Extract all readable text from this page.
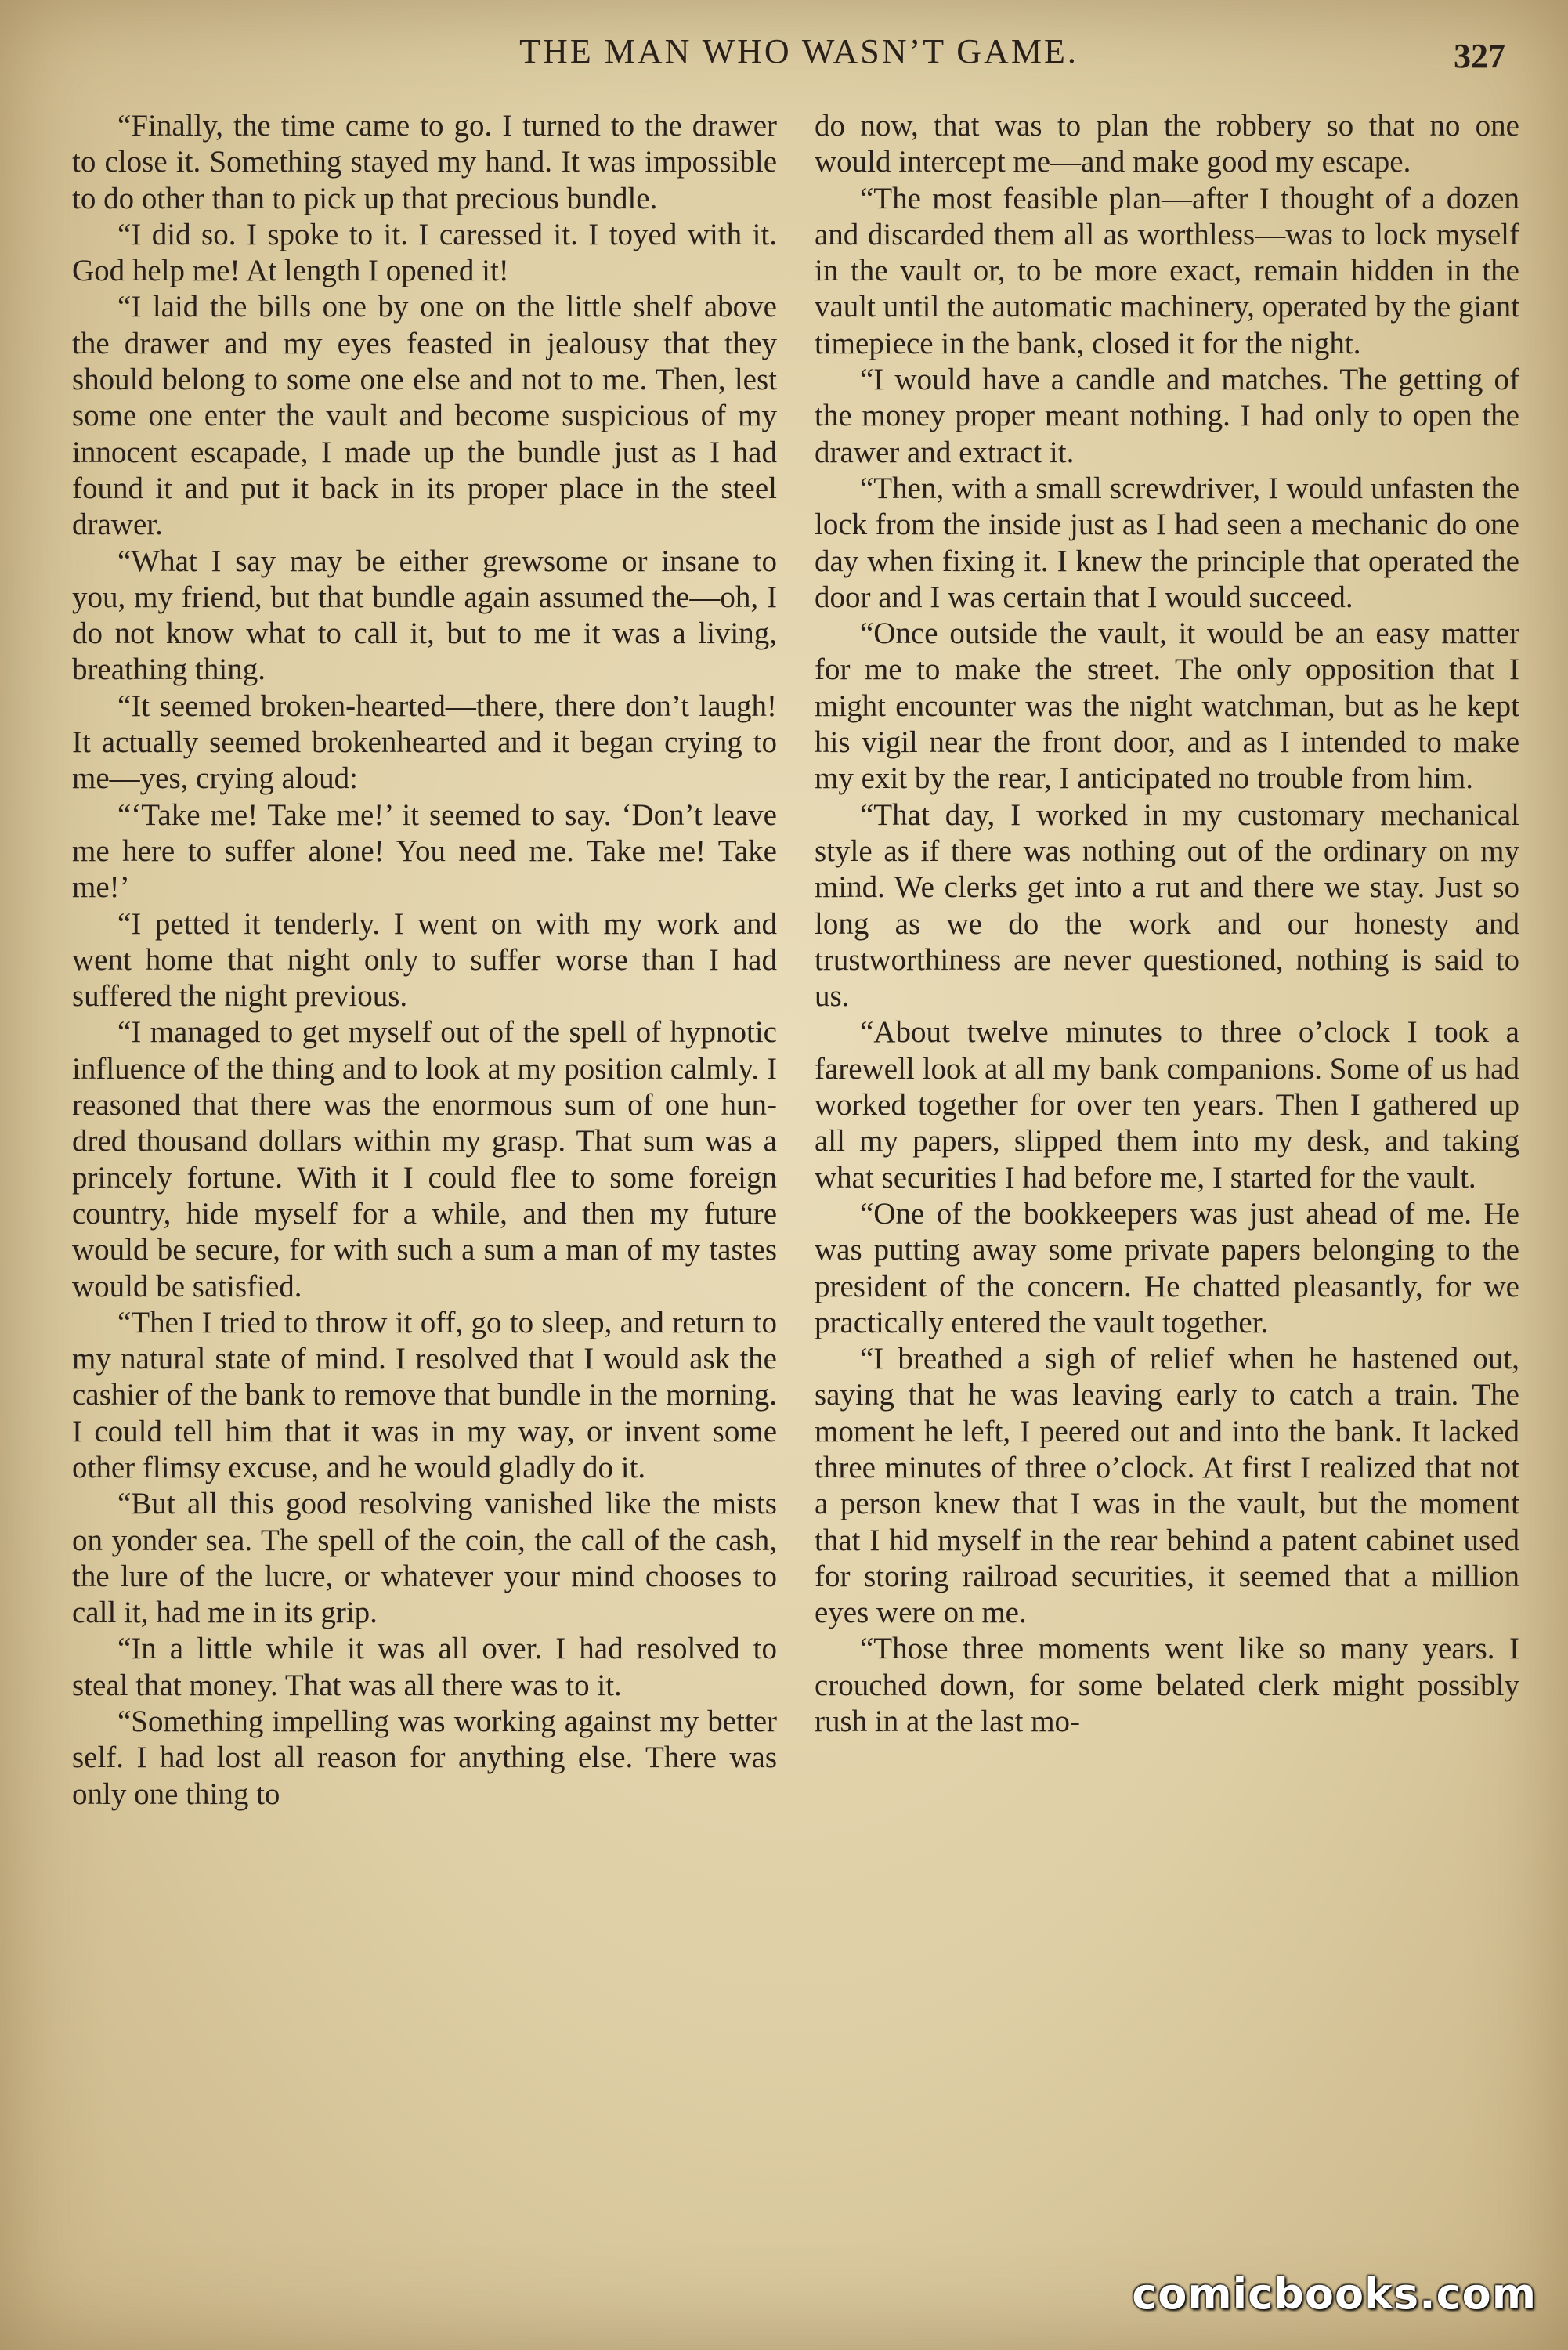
THE MAN WHO WASN’T GAME.	327

“Finally, the time came to go. I turned to the drawer to close it. Something stayed my hand. It was impossible to do other than to pick up that precious bundle.

“I did so. I spoke to it. I caressed it. I toyed with it. God help me! At length I opened it!

“I laid the bills one by one on the little shelf above the drawer and my eyes feasted in jealousy that they should belong to some one else and not to me. Then, lest some one enter the vault and become suspicious of my innocent escapade, I made up the bundle just as I had found it and put it back in its proper place in the steel drawer.

“What I say may be either grewsome or insane to you, my friend, but that bundle again assumed the—oh, I do not know what to call it, but to me it was a living, breathing thing.

“It seemed broken-hearted—there, there don’t laugh! It actually seemed brokenhearted and it began crying to me—yes, crying aloud:

“‘Take me! Take me!’ it seemed to say. ‘Don’t leave me here to suffer alone! You need me. Take me! Take me!’

“I petted it tenderly. I went on with my work and went home that night only to suffer worse than I had suffered the night previous.

“I managed to get myself out of the spell of hypnotic influence of the thing and to look at my position calmly. I reasoned that there was the enormous sum of one hundred thousand dollars within my grasp. That sum was a princely fortune. With it I could flee to some foreign country, hide myself for a while, and then my future would be secure, for with such a sum a man of my tastes would be satisfied.

“Then I tried to throw it off, go to sleep, and return to my natural state of mind. I resolved that I would ask the cashier of the bank to remove that bundle in the morning. I could tell him that it was in my way, or invent some other flimsy excuse, and he would gladly do it.

“But all this good resolving vanished like the mists on yonder sea. The spell of the coin, the call of the cash, the lure of the lucre, or whatever your mind chooses to call it, had me in its grip.

“In a little while it was all over. I had resolved to steal that money. That was all there was to it.

“Something impelling was working against my better self. I had lost all reason for anything else. There was only one thing to

do now, that was to plan the robbery so that no one would intercept me—and make good my escape.

“The most feasible plan—after I thought of a dozen and discarded them all as worthless—was to lock myself in the vault or, to be more exact, remain hidden in the vault until the automatic machinery, operated by the giant timepiece in the bank, closed it for the night.

“I would have a candle and matches. The getting of the money proper meant nothing. I had only to open the drawer and extract it.

“Then, with a small screwdriver, I would unfasten the lock from the inside just as I had seen a mechanic do one day when fixing it. I knew the principle that operated the door and I was certain that I would succeed.

“Once outside the vault, it would be an easy matter for me to make the street. The only opposition that I might encounter was the night watchman, but as he kept his vigil near the front door, and as I intended to make my exit by the rear, I anticipated no trouble from him.

“That day, I worked in my customary mechanical style as if there was nothing out of the ordinary on my mind. We clerks get into a rut and there we stay. Just so long as we do the work and our honesty and trustworthiness are never questioned, nothing is said to us.

“About twelve minutes to three o’clock I took a farewell look at all my bank companions. Some of us had worked together for over ten years. Then I gathered up all my papers, slipped them into my desk, and taking what securities I had before me, I started for the vault.

“One of the bookkeepers was just ahead of me. He was putting away some private papers belonging to the president of the concern. He chatted pleasantly, for we practically entered the vault together.

“I breathed a sigh of relief when he hastened out, saying that he was leaving early to catch a train. The moment he left, I peered out and into the bank. It lacked three minutes of three o’clock. At first I realized that not a person knew that I was in the vault, but the moment that I hid myself in the rear behind a patent cabinet used for storing railroad securities, it seemed that a million eyes were on me.

“Those three moments went like so many years. I crouched down, for some belated clerk might possibly rush in at the last mo-

comicbooks.com
